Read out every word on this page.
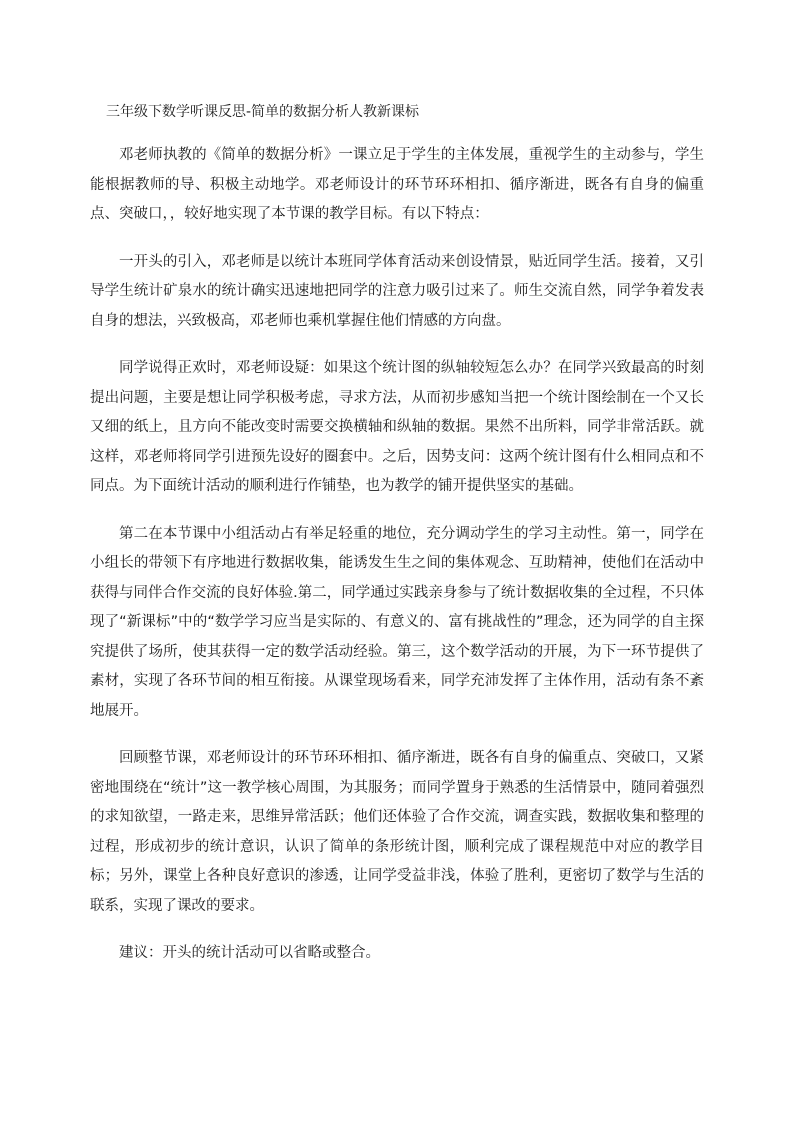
三年级下数学听课反思-简单的数据分析人教新课标

邓老师执教的《简单的数据分析》一课立足于学生的主体发展，重视学生的主动参与，学生能根据教师的导、积极主动地学。邓老师设计的环节环环相扣、循序渐进，既各有自身的偏重点、突破口，，较好地实现了本节课的教学目标。有以下特点：

一开头的引入，邓老师是以统计本班同学体育活动来创设情景，贴近同学生活。接着，又引导学生统计矿泉水的统计确实迅速地把同学的注意力吸引过来了。师生交流自然，同学争着发表自身的想法，兴致极高，邓老师也乘机掌握住他们情感的方向盘。

同学说得正欢时，邓老师设疑：如果这个统计图的纵轴较短怎么办？在同学兴致最高的时刻提出问题，主要是想让同学积极考虑，寻求方法，从而初步感知当把一个统计图绘制在一个又长又细的纸上，且方向不能改变时需要交换横轴和纵轴的数据。果然不出所料，同学非常活跃。就这样，邓老师将同学引进预先设好的圈套中。之后，因势支问：这两个统计图有什么相同点和不同点。为下面统计活动的顺利进行作铺垫，也为教学的铺开提供坚实的基础。

第二在本节课中小组活动占有举足轻重的地位，充分调动学生的学习主动性。第一，同学在小组长的带领下有序地进行数据收集，能诱发生生之间的集体观念、互助精神，使他们在活动中获得与同伴合作交流的良好体验.第二，同学通过实践亲身参与了统计数据收集的全过程，不只体现了“新课标”中的“数学学习应当是实际的、有意义的、富有挑战性的”理念，还为同学的自主探究提供了场所，使其获得一定的数学活动经验。第三，这个数学活动的开展，为下一环节提供了素材，实现了各环节间的相互衔接。从课堂现场看来，同学充沛发挥了主体作用，活动有条不紊地展开。

回顾整节课，邓老师设计的环节环环相扣、循序渐进，既各有自身的偏重点、突破口，又紧密地围绕在“统计”这一教学核心周围，为其服务；而同学置身于熟悉的生活情景中，随同着强烈的求知欲望，一路走来，思维异常活跃；他们还体验了合作交流，调查实践，数据收集和整理的过程，形成初步的统计意识，认识了简单的条形统计图，顺利完成了课程规范中对应的教学目标；另外，课堂上各种良好意识的渗透，让同学受益非浅，体验了胜利，更密切了数学与生活的联系，实现了课改的要求。

建议：开头的统计活动可以省略或整合。
